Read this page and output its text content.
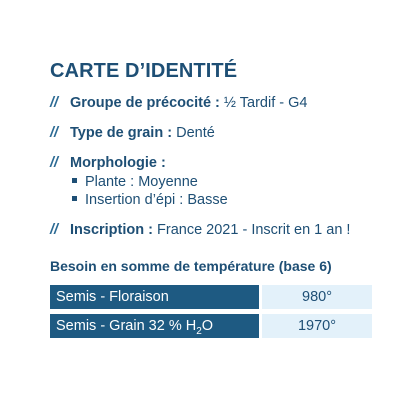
CARTE D’IDENTITÉ
// Groupe de précocité : ½ Tardif - G4
// Type de grain : Denté
// Morphologie :
Plante : Moyenne
Insertion d’épi : Basse
// Inscription : France 2021 - Inscrit en 1 an !
Besoin en somme de température (base 6)
Semis - Floraison	980°
Semis - Grain 32 % $H_2O$	1970°
